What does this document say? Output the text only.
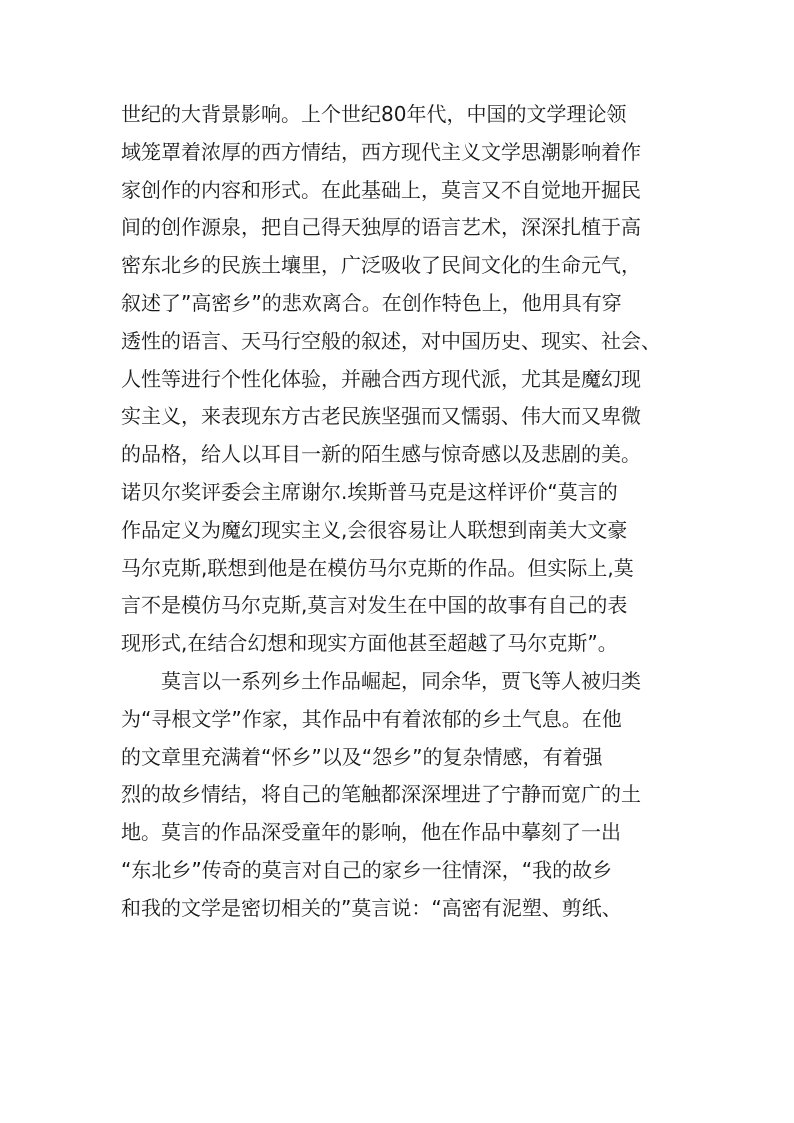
世纪的大背景影响。上个世纪80年代，中国的文学理论领
域笼罩着浓厚的西方情结，西方现代主义文学思潮影响着作
家创作的内容和形式。在此基础上，莫言又不自觉地开掘民
间的创作源泉，把自己得天独厚的语言艺术，深深扎植于高
密东北乡的民族土壤里，广泛吸收了民间文化的生命元气，
叙述了”高密乡”的悲欢离合。在创作特色上，他用具有穿
透性的语言、天马行空般的叙述，对中国历史、现实、社会、
人性等进行个性化体验，并融合西方现代派，尤其是魔幻现
实主义，来表现东方古老民族坚强而又懦弱、伟大而又卑微
的品格，给人以耳目一新的陌生感与惊奇感以及悲剧的美。
诺贝尔奖评委会主席谢尔.埃斯普马克是这样评价“莫言的
作品定义为魔幻现实主义,会很容易让人联想到南美大文豪
马尔克斯,联想到他是在模仿马尔克斯的作品。但实际上,莫
言不是模仿马尔克斯,莫言对发生在中国的故事有自己的表
现形式,在结合幻想和现实方面他甚至超越了马尔克斯”。
莫言以一系列乡土作品崛起，同余华，贾飞等人被归类
为“寻根文学”作家，其作品中有着浓郁的乡土气息。在他
的文章里充满着“怀乡”以及“怨乡”的复杂情感，有着强
烈的故乡情结，将自己的笔触都深深埋进了宁静而宽广的土
地。莫言的作品深受童年的影响，他在作品中摹刻了一出
“东北乡”传奇的莫言对自己的家乡一往情深，“我的故乡
和我的文学是密切相关的”莫言说：“高密有泥塑、剪纸、
